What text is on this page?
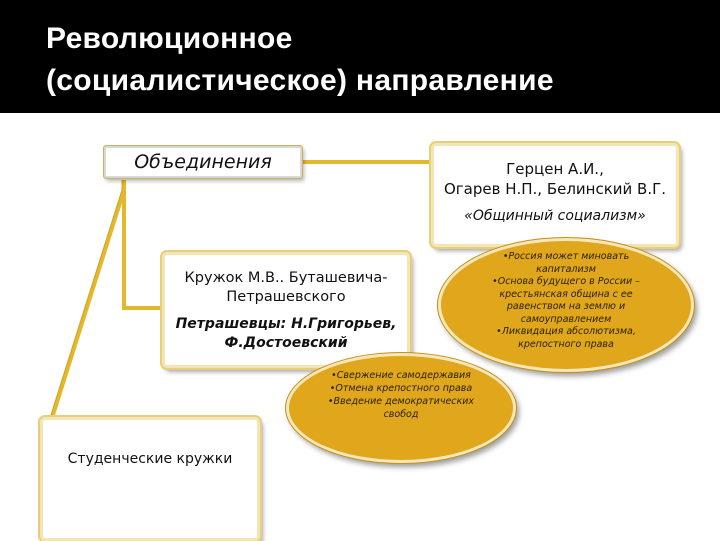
Революционное
(социалистическое) направление
Объединения	Герцен А.И.,
Огарев Н.П., Белинский В.Г.
«Общинный социализм»
Кружок М.В.. Буташевича-
Петрашевского
Петрашевцы: Н.Григорьев,
Ф.Достоевский
Студенческие кружки
•Россия может миновать
капитализм
•Основа будущего в России –
крестьянская община с ее
равенством на землю и
самоуправлением
•Ликвидация абсолютизма,
крепостного права
•Свержение самодержавия
•Отмена крепостного права
•Введение демократических
свобод
